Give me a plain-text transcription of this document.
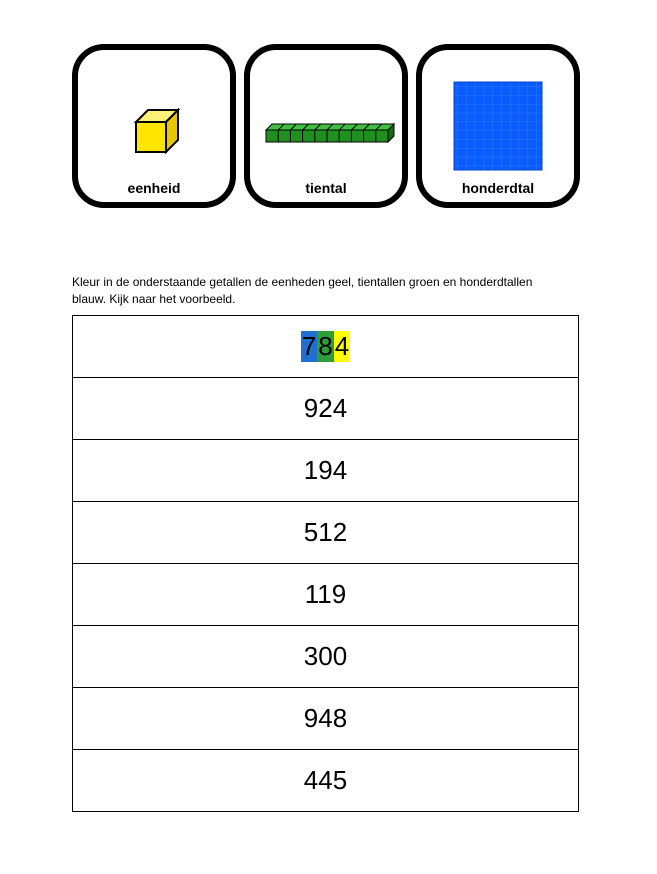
eenheid	tiental	honderdtal
Kleur in de onderstaande getallen de eenheden geel, tientallen groen en honderdtallen blauw. Kijk naar het voorbeeld.
784
924
194
512
119
300
948
445
